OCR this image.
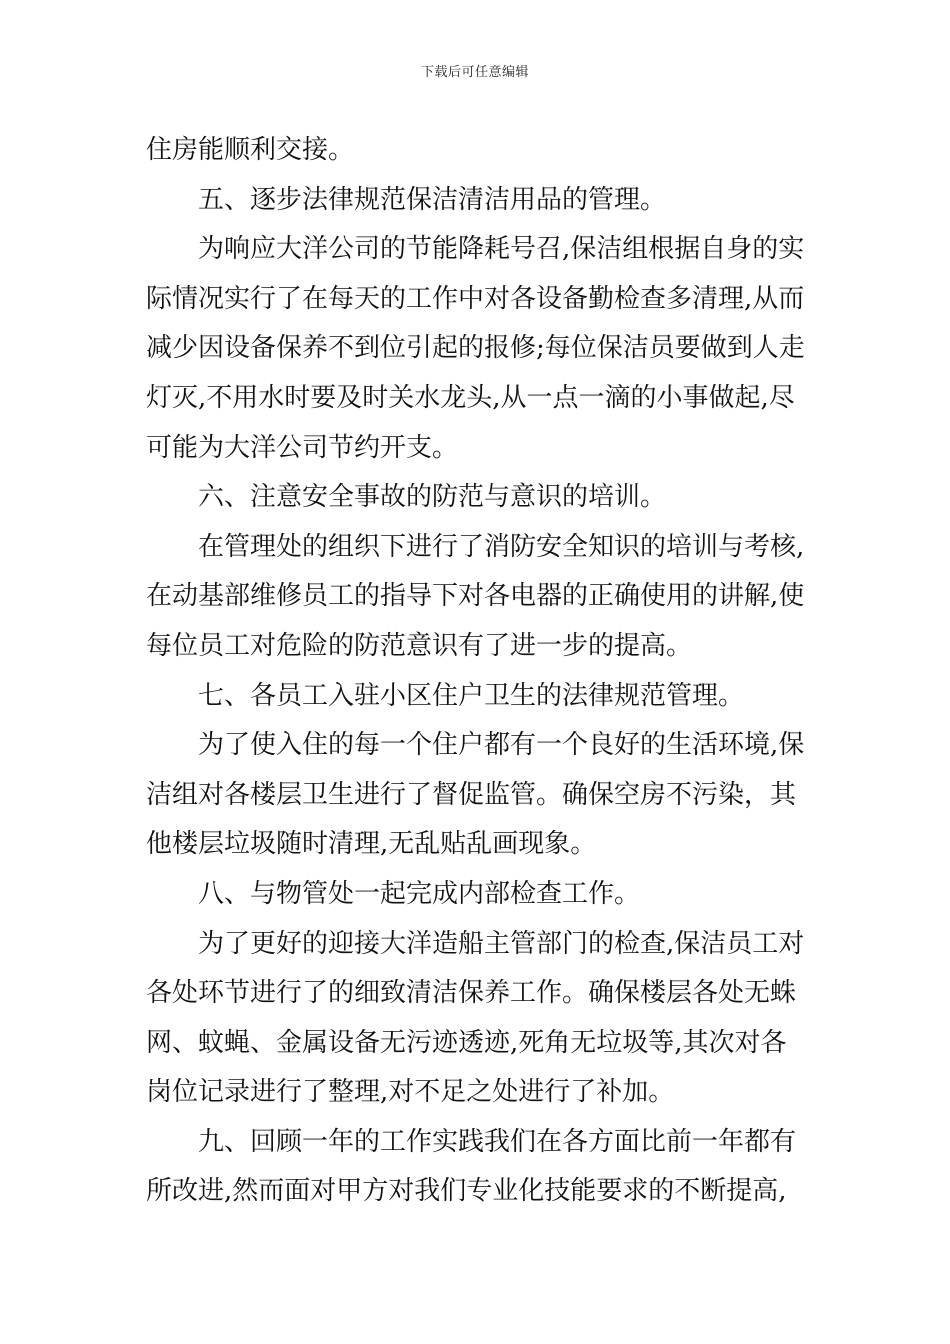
下载后可任意编辑
住房能顺利交接。
五、逐步法律规范保洁清洁用品的管理。
为响应大洋公司的节能降耗号召,保洁组根据自身的实
际情况实行了在每天的工作中对各设备勤检查多清理,从而
减少因设备保养不到位引起的报修;每位保洁员要做到人走
灯灭,不用水时要及时关水龙头,从一点一滴的小事做起,尽
可能为大洋公司节约开支。
六、注意安全事故的防范与意识的培训。
在管理处的组织下进行了消防安全知识的培训与考核,
在动基部维修员工的指导下对各电器的正确使用的讲解,使
每位员工对危险的防范意识有了进一步的提高。
七、各员工入驻小区住户卫生的法律规范管理。
为了使入住的每一个住户都有一个良好的生活环境,保
洁组对各楼层卫生进行了督促监管。确保空房不污染，其
他楼层垃圾随时清理,无乱贴乱画现象。
八、与物管处一起完成内部检查工作。
为了更好的迎接大洋造船主管部门的检查,保洁员工对
各处环节进行了的细致清洁保养工作。确保楼层各处无蛛
网、蚊蝇、金属设备无污迹透迹,死角无垃圾等,其次对各
岗位记录进行了整理,对不足之处进行了补加。
九、回顾一年的工作实践我们在各方面比前一年都有
所改进,然而面对甲方对我们专业化技能要求的不断提高,
